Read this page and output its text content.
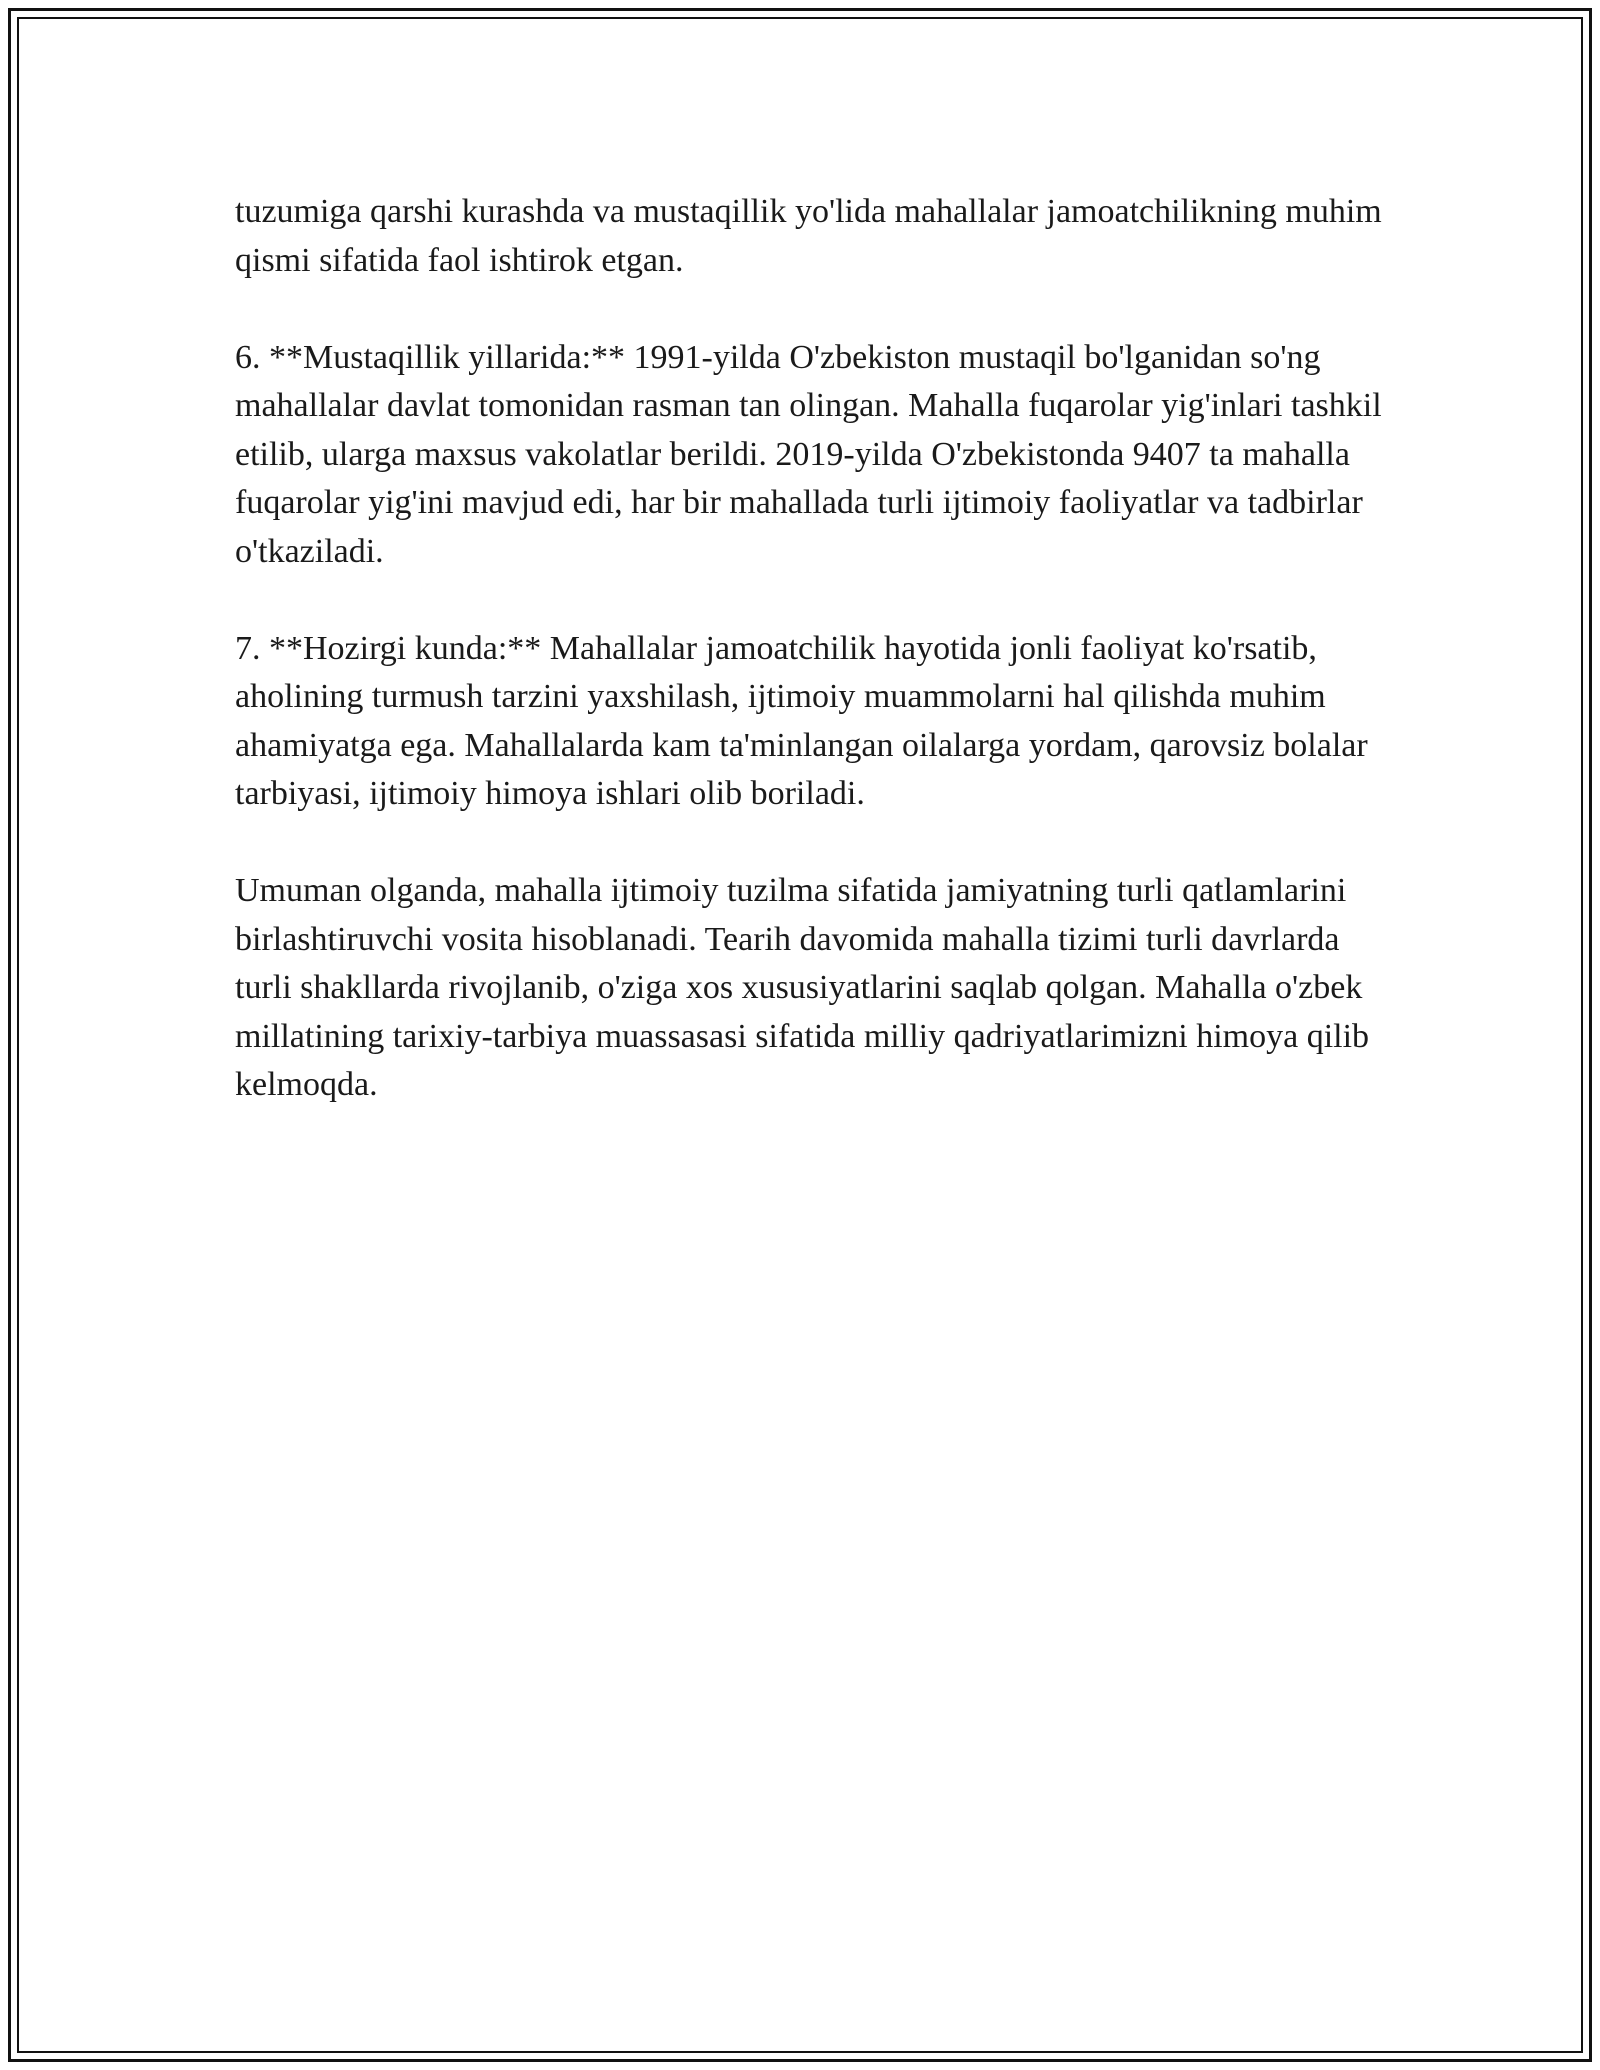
tuzumiga qarshi kurashda va mustaqillik yo'lida mahallalar jamoatchilikning muhim qismi sifatida faol ishtirok etgan.

6. **Mustaqillik yillarida:** 1991-yilda O'zbekiston mustaqil bo'lganidan so'ng mahallalar davlat tomonidan rasman tan olingan. Mahalla fuqarolar yig'inlari tashkil etilib, ularga maxsus vakolatlar berildi. 2019-yilda O'zbekistonda 9407 ta mahalla fuqarolar yig'ini mavjud edi, har bir mahallada turli ijtimoiy faoliyatlar va tadbirlar o'tkaziladi.

7. **Hozirgi kunda:** Mahallalar jamoatchilik hayotida jonli faoliyat ko'rsatib, aholining turmush tarzini yaxshilash, ijtimoiy muammolarni hal qilishda muhim ahamiyatga ega. Mahallalarda kam ta'minlangan oilalarga yordam, qarovsiz bolalar tarbiyasi, ijtimoiy himoya ishlari olib boriladi.

Umuman olganda, mahalla ijtimoiy tuzilma sifatida jamiyatning turli qatlamlarini birlashtiruvchi vosita hisoblanadi. Tearih davomida mahalla tizimi turli davrlarda turli shakllarda rivojlanib, o'ziga xos xususiyatlarini saqlab qolgan. Mahalla o'zbek millatining tarixiy-tarbiya muassasasi sifatida milliy qadriyatlarimizni himoya qilib kelmoqda.
